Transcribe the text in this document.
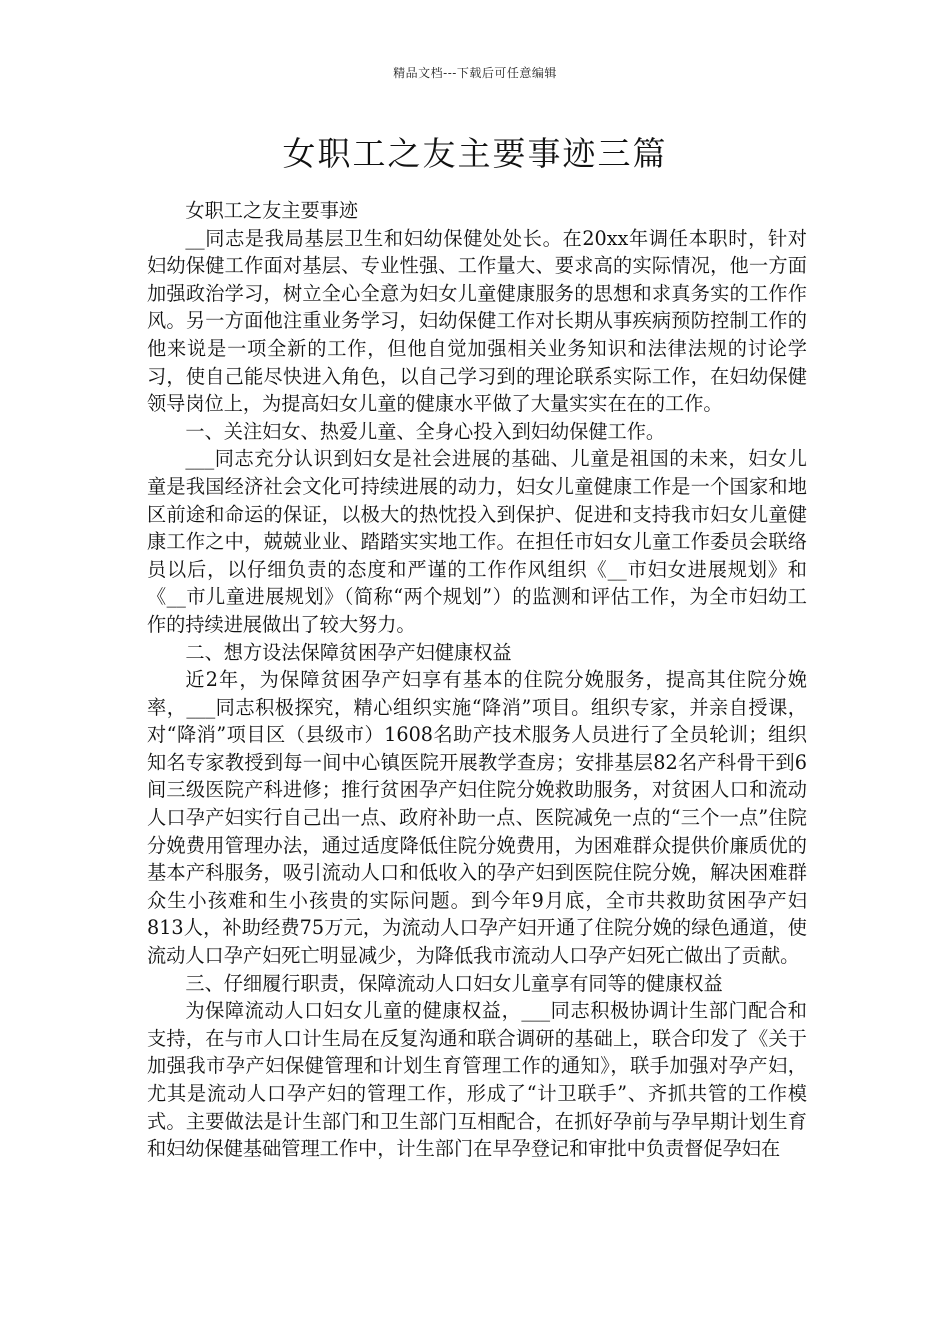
精品文档---下载后可任意编辑
女职工之友主要事迹三篇

女职工之友主要事迹

__同志是我局基层卫生和妇幼保健处处长。在20xx年调任本职时，针对妇幼保健工作面对基层、专业性强、工作量大、要求高的实际情况，他一方面加强政治学习，树立全心全意为妇女儿童健康服务的思想和求真务实的工作作风。另一方面他注重业务学习，妇幼保健工作对长期从事疾病预防控制工作的他来说是一项全新的工作，但他自觉加强相关业务知识和法律法规的讨论学习，使自己能尽快进入角色，以自己学习到的理论联系实际工作，在妇幼保健领导岗位上，为提高妇女儿童的健康水平做了大量实实在在的工作。

一、关注妇女、热爱儿童、全身心投入到妇幼保健工作。

___同志充分认识到妇女是社会进展的基础、儿童是祖国的未来，妇女儿童是我国经济社会文化可持续进展的动力，妇女儿童健康工作是一个国家和地区前途和命运的保证，以极大的热忱投入到保护、促进和支持我市妇女儿童健康工作之中，兢兢业业、踏踏实实地工作。在担任市妇女儿童工作委员会联络员以后，以仔细负责的态度和严谨的工作作风组织《__市妇女进展规划》和《__市儿童进展规划》（简称“两个规划”）的监测和评估工作，为全市妇幼工作的持续进展做出了较大努力。

二、想方设法保障贫困孕产妇健康权益

近2年，为保障贫困孕产妇享有基本的住院分娩服务，提高其住院分娩率，___同志积极探究，精心组织实施“降消”项目。组织专家，并亲自授课，对“降消”项目区（县级市）1608名助产技术服务人员进行了全员轮训；组织知名专家教授到每一间中心镇医院开展教学查房；安排基层82名产科骨干到6间三级医院产科进修；推行贫困孕产妇住院分娩救助服务，对贫困人口和流动人口孕产妇实行自己出一点、政府补助一点、医院减免一点的“三个一点”住院分娩费用管理办法，通过适度降低住院分娩费用，为困难群众提供价廉质优的基本产科服务，吸引流动人口和低收入的孕产妇到医院住院分娩，解决困难群众生小孩难和生小孩贵的实际问题。到今年9月底，全市共救助贫困孕产妇813人，补助经费75万元，为流动人口孕产妇开通了住院分娩的绿色通道，使流动人口孕产妇死亡明显减少，为降低我市流动人口孕产妇死亡做出了贡献。

三、仔细履行职责，保障流动人口妇女儿童享有同等的健康权益

为保障流动人口妇女儿童的健康权益，___同志积极协调计生部门配合和支持，在与市人口计生局在反复沟通和联合调研的基础上，联合印发了《关于加强我市孕产妇保健管理和计划生育管理工作的通知》，联手加强对孕产妇，尤其是流动人口孕产妇的管理工作，形成了“计卫联手”、齐抓共管的工作模式。主要做法是计生部门和卫生部门互相配合，在抓好孕前与孕早期计划生育和妇幼保健基础管理工作中，计生部门在早孕登记和审批中负责督促孕妇在
